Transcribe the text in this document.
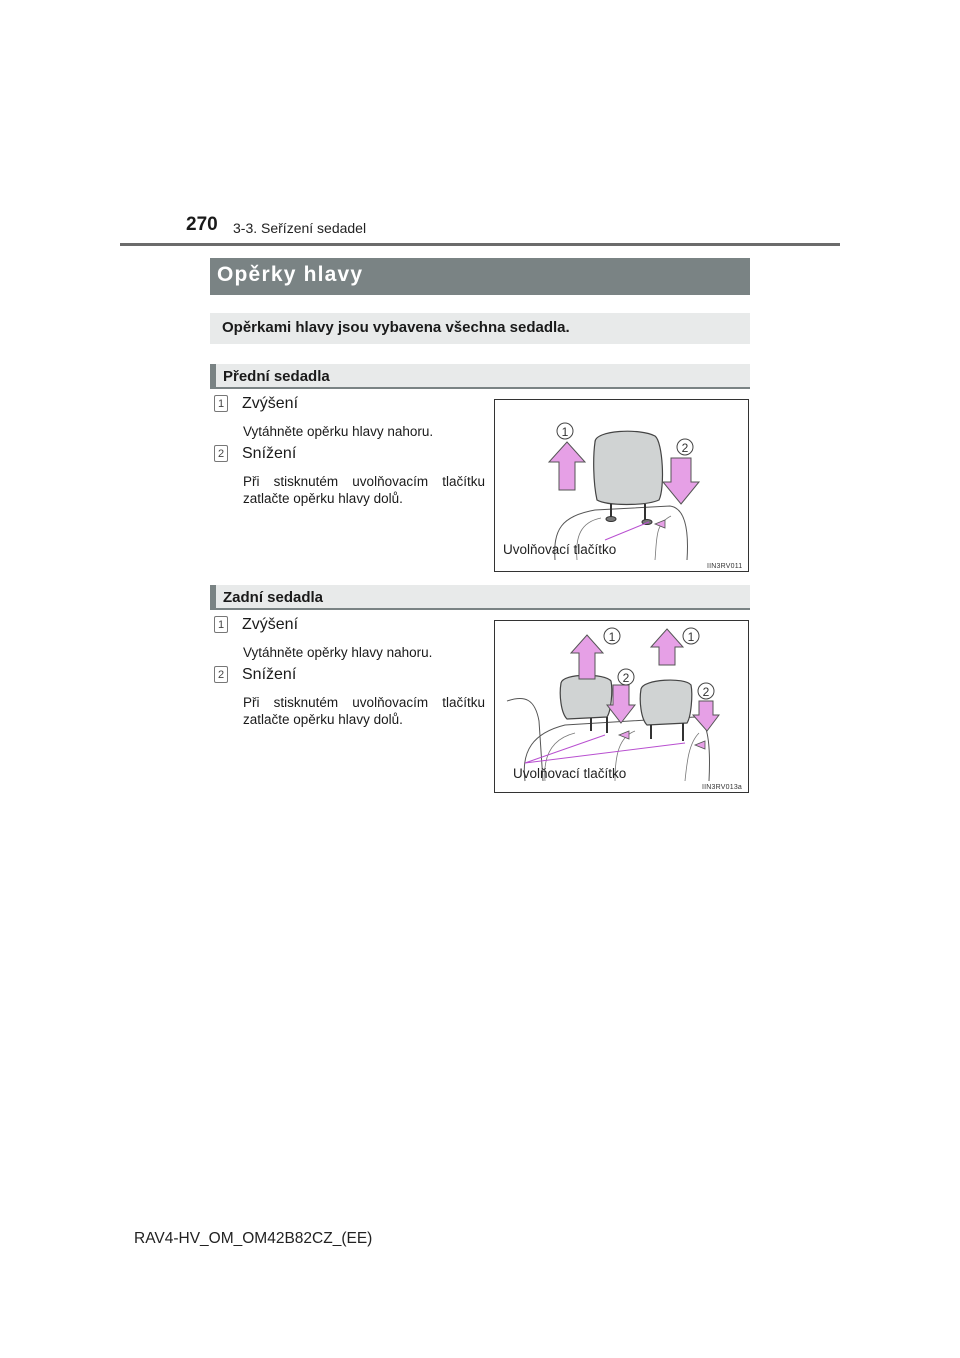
270 3-3. Seřízení sedadel
Opěrky hlavy
Opěrkami hlavy jsou vybavena všechna sedadla.
Přední sedadla
1 Zvýšení
Vytáhněte opěrku hlavy nahoru.
2 Snížení
Při stisknutém uvolňovacím tlačítku zatlačte opěrku hlavy dolů.
1
2
Uvolňovací tlačítko
IIN3RV011
Zadní sedadla
1 Zvýšení
Vytáhněte opěrky hlavy nahoru.
2 Snížení
Při stisknutém uvolňovacím tlačítku zatlačte opěrku hlavy dolů.
1	1
2
2
Uvolňovací tlačítko
IIN3RV013a
RAV4-HV_OM_OM42B82CZ_(EE)
